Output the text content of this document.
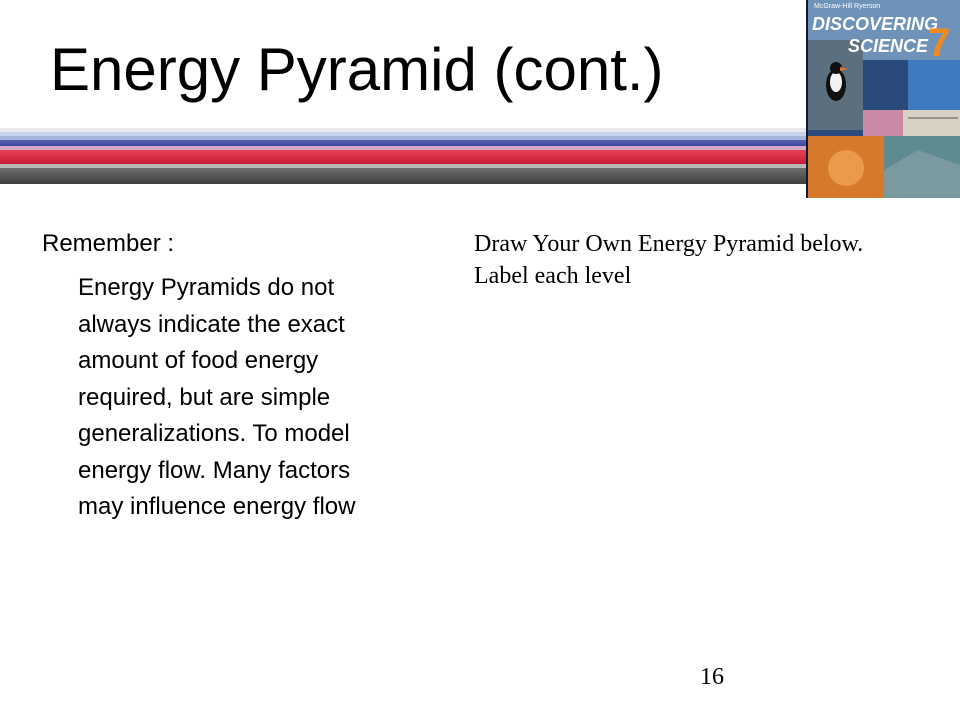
Energy Pyramid (cont.)
McGraw-Hill Ryerson
DISCOVERING
SCIENCE 7

Remember :

Energy Pyramids do not always indicate the exact amount of food energy required, but are simple generalizations. To model energy flow. Many factors may influence energy flow

Draw Your Own Energy Pyramid below. Label each level
16
